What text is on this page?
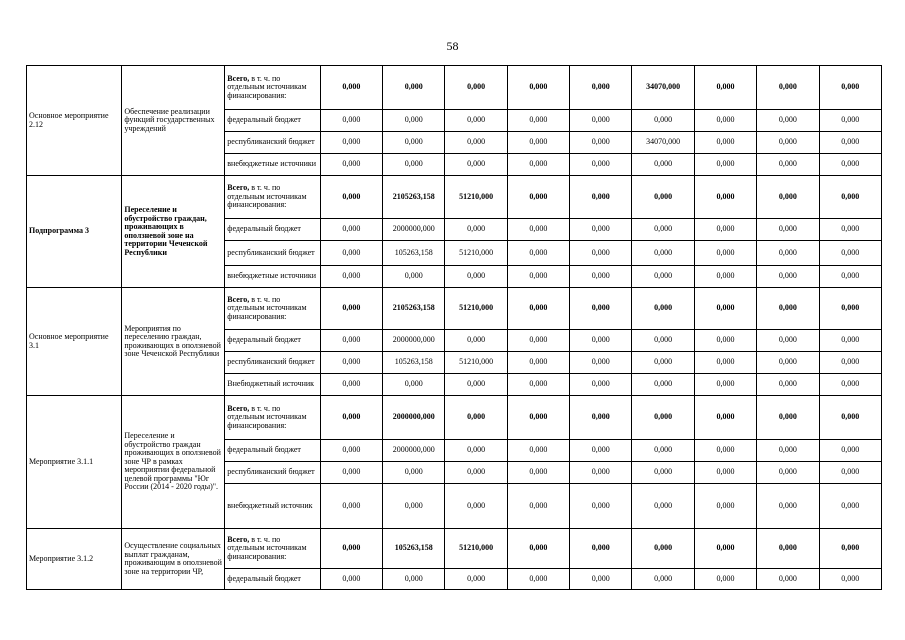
58
Основное мероприятие 2.12	Обеспечение реализации функций государственных учреждений	Всего, в т. ч. по отдельным источникам финансирования:	0,000	0,000	0,000	0,000	0,000	34070,000	0,000	0,000	0,000
		федеральный бюджет	0,000	0,000	0,000	0,000	0,000	0,000	0,000	0,000	0,000
		республиканский бюджет	0,000	0,000	0,000	0,000	0,000	34070,000	0,000	0,000	0,000
		внебюджетные источники	0,000	0,000	0,000	0,000	0,000	0,000	0,000	0,000	0,000
Подпрограмма 3	Переселение и обустройство граждан, проживающих в оползневой зоне на территории Чеченской Республики	Всего, в т. ч. по отдельным источникам финансирования:	0,000	2105263,158	51210,000	0,000	0,000	0,000	0,000	0,000	0,000
		федеральный бюджет	0,000	2000000,000	0,000	0,000	0,000	0,000	0,000	0,000	0,000
		республиканский бюджет	0,000	105263,158	51210,000	0,000	0,000	0,000	0,000	0,000	0,000
		внебюджетные источники	0,000	0,000	0,000	0,000	0,000	0,000	0,000	0,000	0,000
Основное мероприятие 3.1	Мероприятия по переселению граждан, проживающих в оползневой зоне Чеченской Республики	Всего, в т. ч. по отдельным источникам финансирования:	0,000	2105263,158	51210,000	0,000	0,000	0,000	0,000	0,000	0,000
		федеральный бюджет	0,000	2000000,000	0,000	0,000	0,000	0,000	0,000	0,000	0,000
		республиканский бюджет	0,000	105263,158	51210,000	0,000	0,000	0,000	0,000	0,000	0,000
		Внебюджетный источник	0,000	0,000	0,000	0,000	0,000	0,000	0,000	0,000	0,000
Мероприятие 3.1.1	Переселение и обустройство граждан проживающих в оползневой зоне ЧР в рамках мероприятии федеральной целевой программы "Юг России (2014 - 2020 годы)".	Всего, в т. ч. по отдельным источникам финансирования:	0,000	2000000,000	0,000	0,000	0,000	0,000	0,000	0,000	0,000
		федеральный бюджет	0,000	2000000,000	0,000	0,000	0,000	0,000	0,000	0,000	0,000
		республиканский бюджет	0,000	0,000	0,000	0,000	0,000	0,000	0,000	0,000	0,000
		внебюджетный источник	0,000	0,000	0,000	0,000	0,000	0,000	0,000	0,000	0,000
Мероприятие 3.1.2	Осуществление социальных выплат гражданам, проживающим в оползневой зоне на территории ЧР,	Всего, в т. ч. по отдельным источникам финансирования:	0,000	105263,158	51210,000	0,000	0,000	0,000	0,000	0,000	0,000
		федеральный бюджет	0,000	0,000	0,000	0,000	0,000	0,000	0,000	0,000	0,000
